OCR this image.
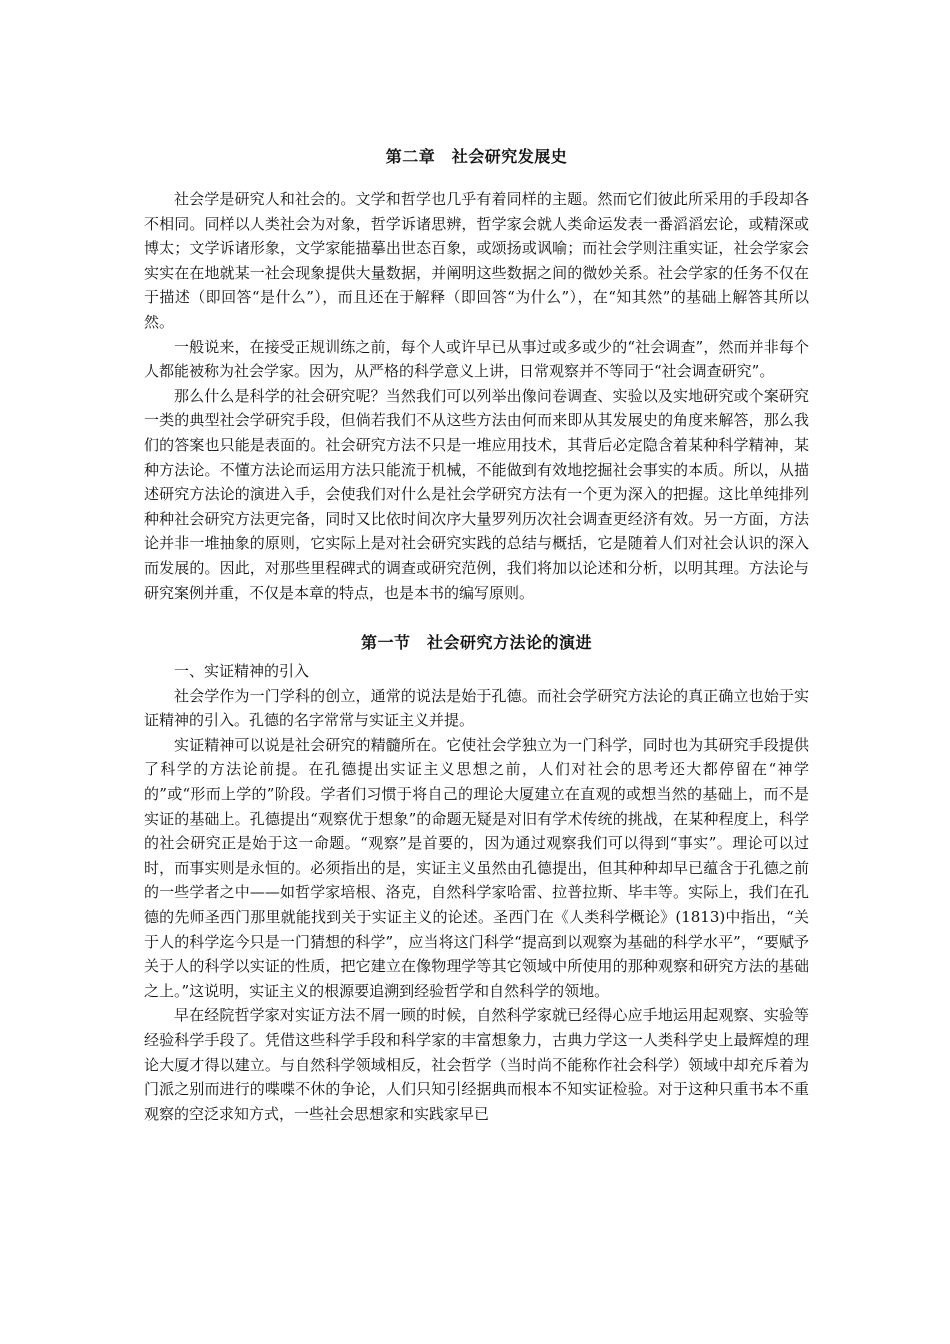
第二章　社会研究发展史

社会学是研究人和社会的。文学和哲学也几乎有着同样的主题。然而它们彼此所采用的手段却各不相同。同样以人类社会为对象，哲学诉诸思辨，哲学家会就人类命运发表一番滔滔宏论，或精深或博太；文学诉诸形象，文学家能描摹出世态百象，或颂扬或讽喻；而社会学则注重实证，社会学家会实实在在地就某一社会现象提供大量数据，并阐明这些数据之间的微妙关系。社会学家的任务不仅在于描述（即回答“是什么”），而且还在于解释（即回答“为什么”），在“知其然”的基础上解答其所以然。

一般说来，在接受正规训练之前，每个人或许早已从事过或多或少的“社会调查”，然而并非每个人都能被称为社会学家。因为，从严格的科学意义上讲，日常观察并不等同于“社会调查研究”。

那么什么是科学的社会研究呢？当然我们可以列举出像问卷调查、实验以及实地研究或个案研究一类的典型社会学研究手段，但倘若我们不从这些方法由何而来即从其发展史的角度来解答，那么我们的答案也只能是表面的。社会研究方法不只是一堆应用技术，其背后必定隐含着某种科学精神，某种方法论。不懂方法论而运用方法只能流于机械，不能做到有效地挖掘社会事实的本质。所以，从描述研究方法论的演进入手，会使我们对什么是社会学研究方法有一个更为深入的把握。这比单纯排列种种社会研究方法更完备，同时又比依时间次序大量罗列历次社会调查更经济有效。另一方面，方法论并非一堆抽象的原则，它实际上是对社会研究实践的总结与概括，它是随着人们对社会认识的深入而发展的。因此，对那些里程碑式的调查或研究范例，我们将加以论述和分析，以明其理。方法论与研究案例并重，不仅是本章的特点，也是本书的编写原则。

第一节　社会研究方法论的演进

一、实证精神的引入

社会学作为一门学科的创立，通常的说法是始于孔德。而社会学研究方法论的真正确立也始于实证精神的引入。孔德的名字常常与实证主义并提。

实证精神可以说是社会研究的精髓所在。它使社会学独立为一门科学，同时也为其研究手段提供了科学的方法论前提。在孔德提出实证主义思想之前，人们对社会的思考还大都停留在“神学的”或“形而上学的”阶段。学者们习惯于将自己的理论大厦建立在直观的或想当然的基础上，而不是实证的基础上。孔德提出“观察优于想象”的命题无疑是对旧有学术传统的挑战，在某种程度上，科学的社会研究正是始于这一命题。“观察”是首要的，因为通过观察我们可以得到“事实”。理论可以过时，而事实则是永恒的。必须指出的是，实证主义虽然由孔德提出，但其种种却早已蕴含于孔德之前的一些学者之中——如哲学家培根、洛克，自然科学家哈雷、拉普拉斯、毕丰等。实际上，我们在孔德的先师圣西门那里就能找到关于实证主义的论述。圣西门在《人类科学概论》(1813)中指出，“关于人的科学迄今只是一门猜想的科学”，应当将这门科学“提高到以观察为基础的科学水平”，“要赋予关于人的科学以实证的性质，把它建立在像物理学等其它领域中所使用的那种观察和研究方法的基础之上。”这说明，实证主义的根源要追溯到经验哲学和自然科学的领地。

早在经院哲学家对实证方法不屑一顾的时候，自然科学家就已经得心应手地运用起观察、实验等经验科学手段了。凭借这些科学手段和科学家的丰富想象力，古典力学这一人类科学史上最辉煌的理论大厦才得以建立。与自然科学领域相反，社会哲学（当时尚不能称作社会科学）领域中却充斥着为门派之别而进行的喋喋不休的争论，人们只知引经据典而根本不知实证检验。对于这种只重书本不重观察的空泛求知方式，一些社会思想家和实践家早已
